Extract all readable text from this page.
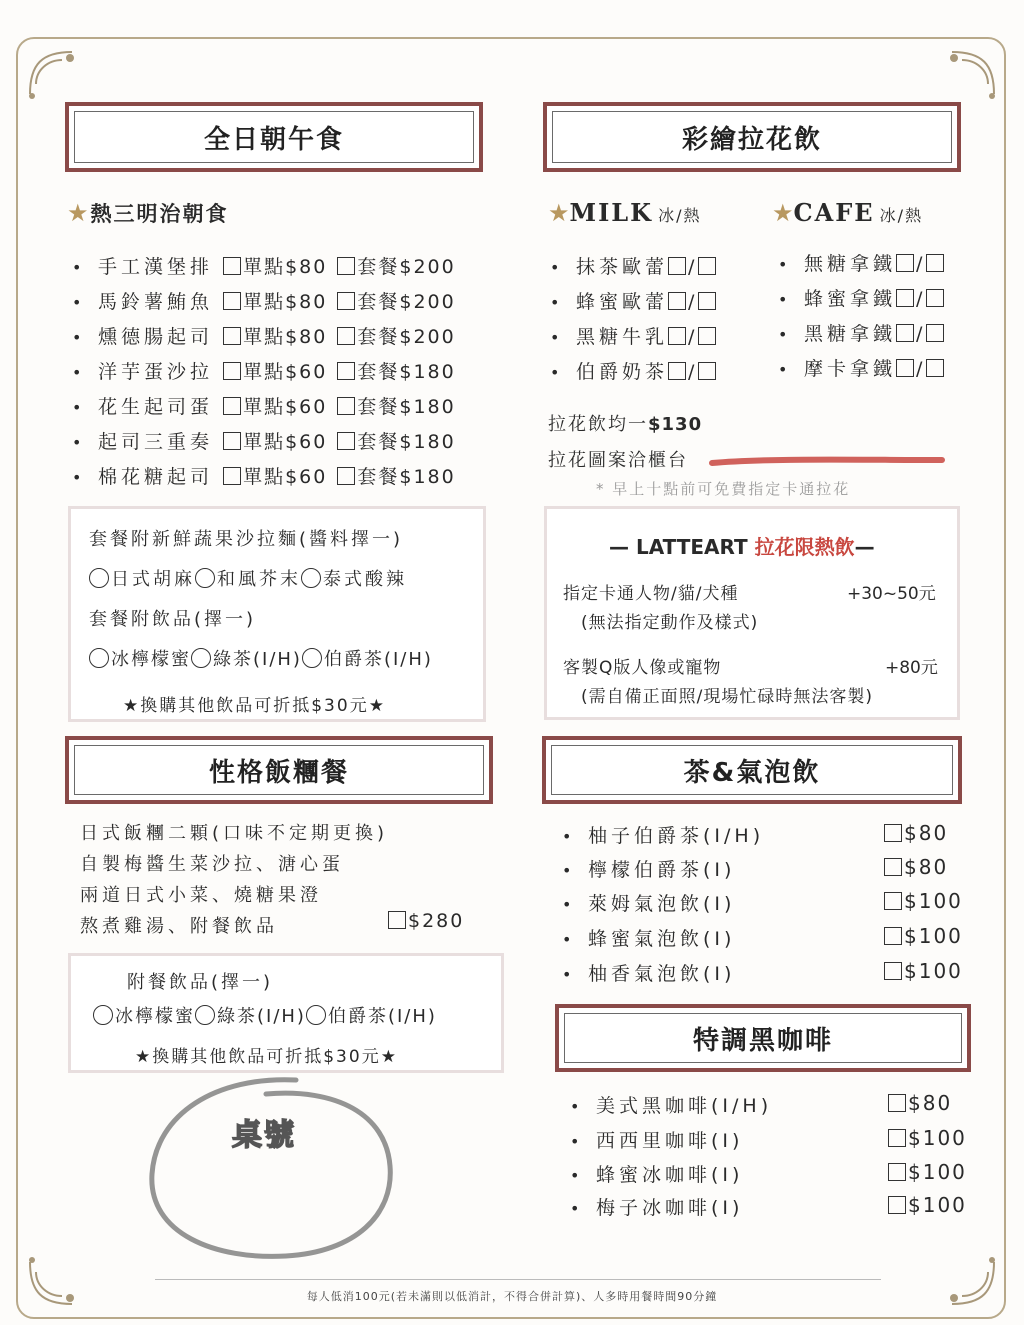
全日朝午食
★熱三明治朝食
• 手工漢堡排 單點$80 套餐$200
• 馬鈴薯鮪魚 單點$80 套餐$200
• 燻德腸起司 單點$80 套餐$200
• 洋芋蛋沙拉 單點$60 套餐$180
• 花生起司蛋 單點$60 套餐$180
• 起司三重奏 單點$60 套餐$180
• 棉花糖起司 單點$60 套餐$180
套餐附新鮮蔬果沙拉麵(醬料擇一)
日式胡麻 和風芥末 泰式酸辣
套餐附飲品(擇一)
冰檸檬蜜 綠茶(I/H) 伯爵茶(I/H)
★換購其他飲品可折抵$30元★
彩繪拉花飲
★MILK 冰/熱	★CAFE 冰/熱
• 抹茶歐蕾 /
• 蜂蜜歐蕾 /
• 黑糖牛乳 /
• 伯爵奶茶 /
• 無糖拿鐵 /
• 蜂蜜拿鐵 /
• 黑糖拿鐵 /
• 摩卡拿鐵 /
拉花飲均一$130
拉花圖案洽櫃台
* 早上十點前可免費指定卡通拉花
— LATTEART 拉花限熱飲—
指定卡通人物/貓/犬種	+30~50元
(無法指定動作及樣式)
客製Q版人像或寵物	+80元
(需自備正面照/現場忙碌時無法客製)
性格飯糰餐
日式飯糰二顆(口味不定期更換)
自製梅醬生菜沙拉、溏心蛋
兩道日式小菜、燒糖果澄
熬煮雞湯、附餐飲品	$280
附餐飲品(擇一)
冰檸檬蜜 綠茶(I/H) 伯爵茶(I/H)
★換購其他飲品可折抵$30元★
桌號
茶&氣泡飲
• 柚子伯爵茶(I/H)	$80
• 檸檬伯爵茶(I)	$80
• 萊姆氣泡飲(I)	$100
• 蜂蜜氣泡飲(I)	$100
• 柚香氣泡飲(I)	$100
特調黑咖啡
• 美式黑咖啡(I/H)	$80
• 西西里咖啡(I)	$100
• 蜂蜜冰咖啡(I)	$100
• 梅子冰咖啡(I)	$100
每人低消100元(若未滿則以低消計，不得合併計算)、人多時用餐時間90分鐘
